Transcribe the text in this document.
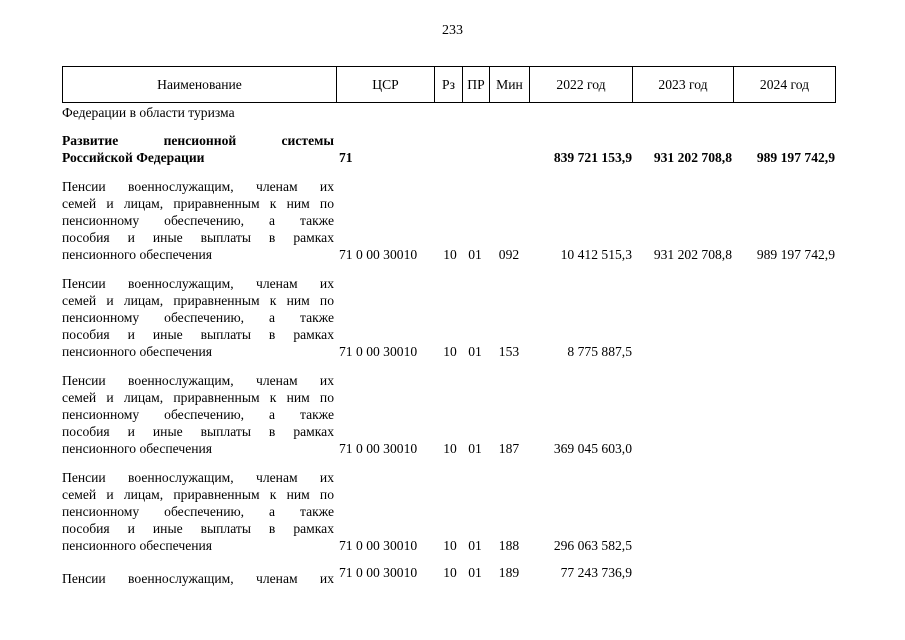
233
Наименование	ЦСР	Рз ПР Мин	2022 год	2023 год	2024 год
Федерации в области туризма
Развитие пенсионной системы
Российской Федерации	71	839 721 153,9	931 202 708,8	989 197 742,9
Пенсии военнослужащим, членам их
семей и лицам, приравненным к ним по
пенсионному обеспечению, а также
пособия и иные выплаты в рамках
пенсионного обеспечения	71 0 00 30010	10 01	092	10 412 515,3	931 202 708,8	989 197 742,9
Пенсии военнослужащим, членам их
семей и лицам, приравненным к ним по
пенсионному обеспечению, а также
пособия и иные выплаты в рамках
пенсионного обеспечения	71 0 00 30010	10 01	153	8 775 887,5
Пенсии военнослужащим, членам их
семей и лицам, приравненным к ним по
пенсионному обеспечению, а также
пособия и иные выплаты в рамках
пенсионного обеспечения	71 0 00 30010	10 01	187	369 045 603,0
Пенсии военнослужащим, членам их
семей и лицам, приравненным к ним по
пенсионному обеспечению, а также
пособия и иные выплаты в рамках
пенсионного обеспечения	71 0 00 30010	10 01	188	296 063 582,5
Пенсии военнослужащим, членам их 71 0 00 30010	10 01	189	77 243 736,9
